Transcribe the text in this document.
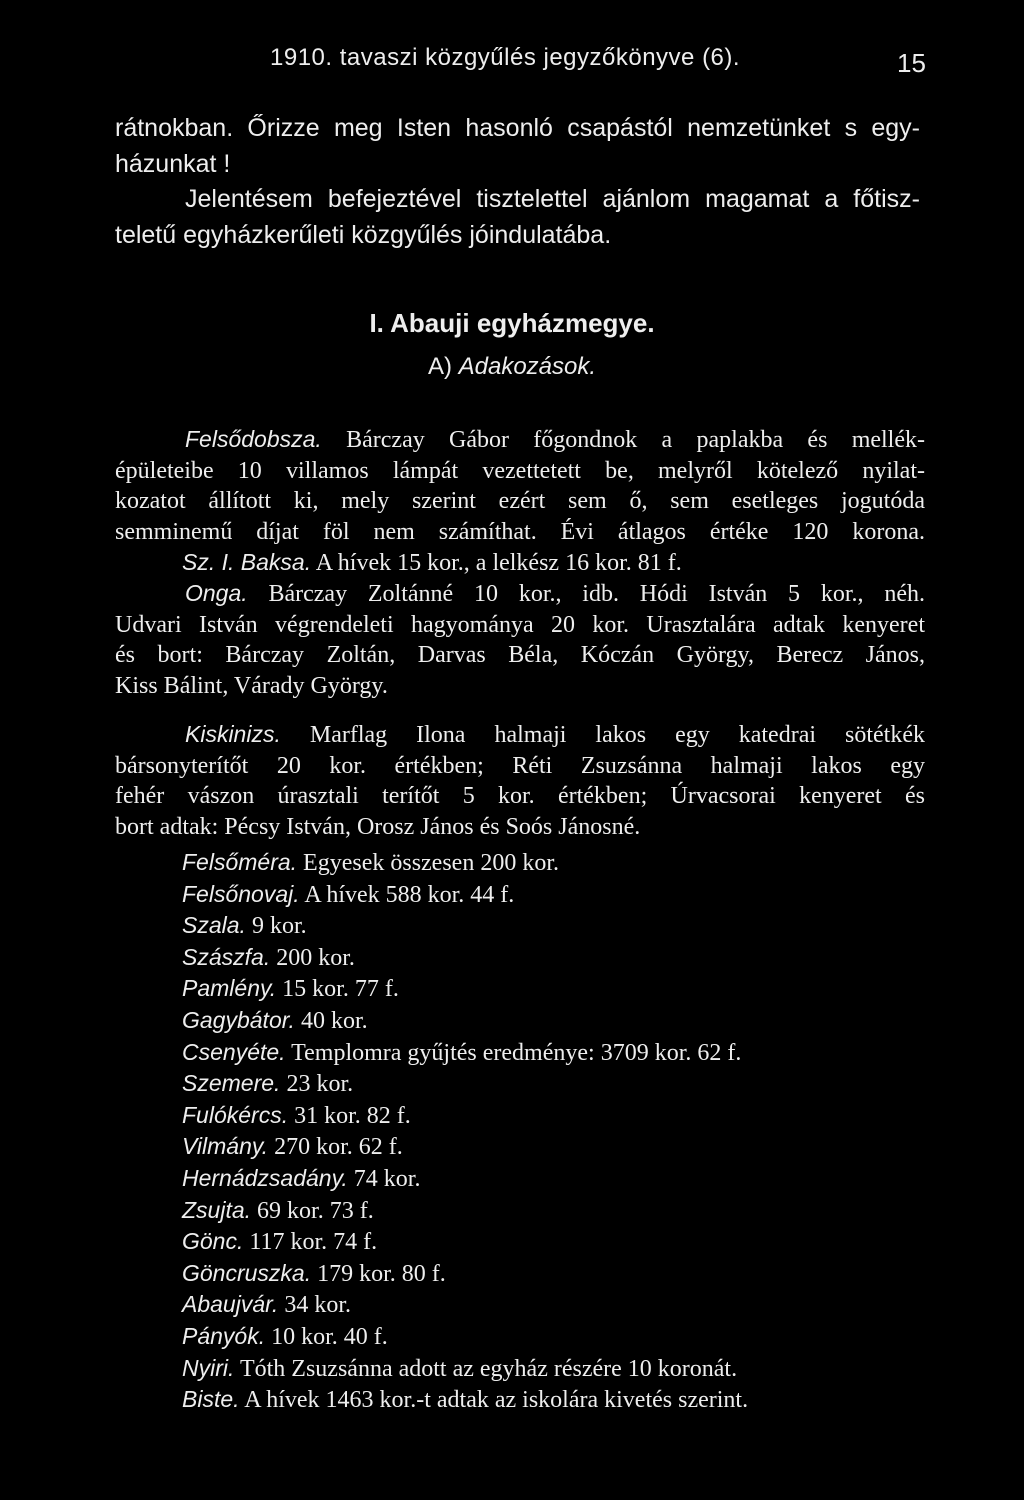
1910. tavaszi közgyűlés jegyzőkönyve (6).	15
rátnokban. Őrizze meg Isten hasonló csapástól nemzetünket s egy-
házunkat !
Jelentésem befejeztével tisztelettel ajánlom magamat a főtisz-
teletű egyházkerűleti közgyűlés jóindulatába.
I. Abauji egyházmegye.
A) Adakozások.
Felsődobsza. Bárczay Gábor főgondnok a paplakba és mellék-
épületeibe 10 villamos lámpát vezettetett be, melyről kötelező nyilat-
kozatot állított ki, mely szerint ezért sem ő, sem esetleges jogutóda
semminemű díjat föl nem számíthat. Évi átlagos értéke 120 korona.
Sz. I. Baksa. A hívek 15 kor., a lelkész 16 kor. 81 f.
Onga. Bárczay Zoltánné 10 kor., idb. Hódi István 5 kor., néh.
Udvari István végrendeleti hagyománya 20 kor. Urasztalára adtak kenyeret
és bort: Bárczay Zoltán, Darvas Béla, Kóczán György, Berecz János,
Kiss Bálint, Várady György.
Kiskinizs. Marflag Ilona halmaji lakos egy katedrai sötétkék
bársonyterítőt 20 kor. értékben; Réti Zsuzsánna halmaji lakos egy
fehér vászon úrasztali terítőt 5 kor. értékben; Úrvacsorai kenyeret és
bort adtak: Pécsy István, Orosz János és Soós Jánosné.
Felsőméra. Egyesek összesen 200 kor.
Felsőnovaj. A hívek 588 kor. 44 f.
Szala. 9 kor.
Szászfa. 200 kor.
Pamlény. 15 kor. 77 f.
Gagybátor. 40 kor.
Csenyéte. Templomra gyűjtés eredménye: 3709 kor. 62 f.
Szemere. 23 kor.
Fulókércs. 31 kor. 82 f.
Vilmány. 270 kor. 62 f.
Hernádzsadány. 74 kor.
Zsujta. 69 kor. 73 f.
Gönc. 117 kor. 74 f.
Göncruszka. 179 kor. 80 f.
Abaujvár. 34 kor.
Pányók. 10 kor. 40 f.
Nyiri. Tóth Zsuzsánna adott az egyház részére 10 koronát.
Biste. A hívek 1463 kor.-t adtak az iskolára kivetés szerint.
